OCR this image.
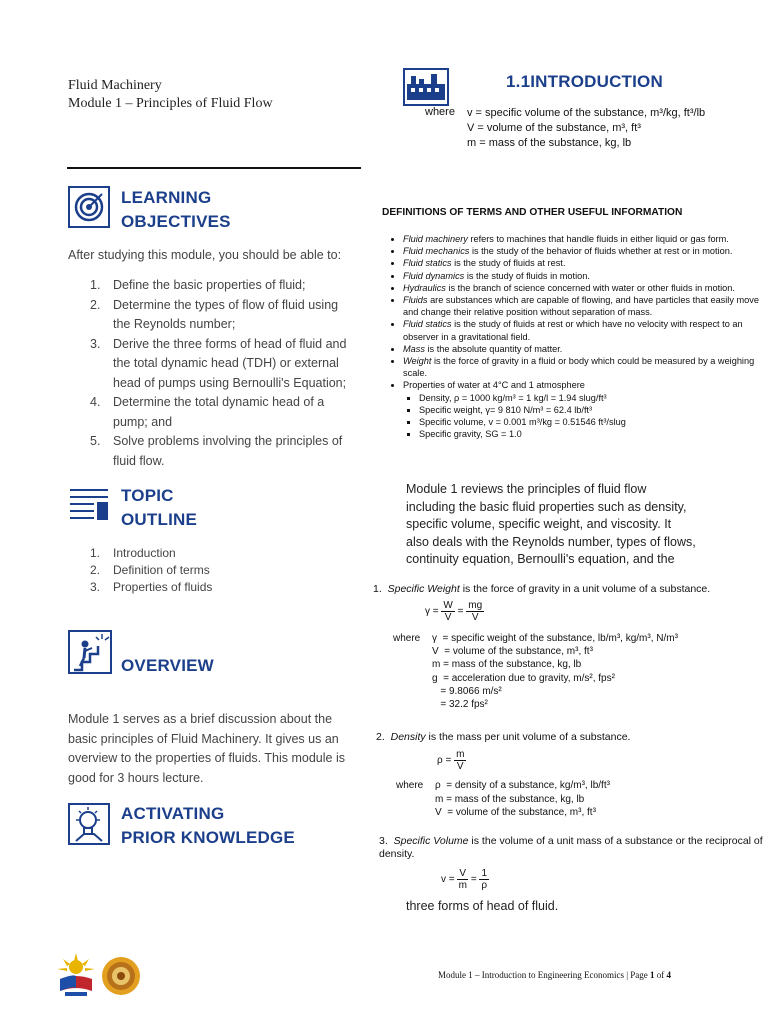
Fluid Machinery
Module 1 – Principles of Fluid Flow
LEARNING
OBJECTIVES
After studying this module, you should be able to:
1. Define the basic properties of fluid;
2. Determine the types of flow of fluid using
the Reynolds number;
3. Derive the three forms of head of fluid and
the total dynamic head (TDH) or external
head of pumps using Bernoulli's Equation;
4. Determine the total dynamic head of a
pump; and
5. Solve problems involving the principles of
fluid flow.
TOPIC
OUTLINE
1. Introduction
2. Definition of terms
3. Properties of fluids
OVERVIEW
Module 1 serves as a brief discussion about the
basic principles of Fluid Machinery. It gives us an
overview to the properties of fluids. This module is
good for 3 hours lecture.
ACTIVATING
PRIOR KNOWLEDGE
1.1INTRODUCTION
where v = specific volume of the substance, m³/kg, ft³/lb
V = volume of the substance, m³, ft³
m = mass of the substance, kg, lb
DEFINITIONS OF TERMS AND OTHER USEFUL INFORMATION
• Fluid machinery refers to machines that handle fluids in either liquid or gas form.
• Fluid mechanics is the study of the behavior of fluids whether at rest or in motion.
• Fluid statics is the study of fluids at rest.
• Fluid dynamics is the study of fluids in motion.
• Hydraulics is the branch of science concerned with water or other fluids in motion.
• Fluids are substances which are capable of flowing, and have particles that easily move and change their relative position without separation of mass.
• Fluid statics is the study of fluids at rest or which have no velocity with respect to an observer in a gravitational field.
• Mass is the absolute quantity of matter.
• Weight is the force of gravity in a fluid or body which could be measured by a weighing scale.
• Properties of water at 4°C and 1 atmosphere
▪ Density, ρ = 1000 kg/m³ = 1 kg/l = 1.94 slug/ft³
▪ Specific weight, γ= 9 810 N/m³ = 62.4 lb/ft³
▪ Specific volume, v = 0.001 m³/kg = 0.51546 ft³/slug
▪ Specific gravity, SG = 1.0
Module 1 reviews the principles of fluid flow
including the basic fluid properties such as density,
specific volume, specific weight, and viscosity. It
also deals with the Reynolds number, types of flows,
continuity equation, Bernoulli's equation, and the
1. Specific Weight is the force of gravity in a unit volume of a substance.
$\gamma = \frac{W}{V} = \frac{mg}{V}$
where γ  = specific weight of the substance, lb/m³, kg/m³, N/m³
V  = volume of the substance, m³, ft³
m = mass of the substance, kg, lb
g  = acceleration due to gravity, m/s², fps²
= 9.8066 m/s²
= 32.2 fps²
2. Density is the mass per unit volume of a substance.
$\rho = \frac{m}{V}$
where ρ  = density of a substance, kg/m³, lb/ft³
m = mass of the substance, kg, lb
V  = volume of the substance, m³, ft³
3. Specific Volume is the volume of a unit mass of a substance or the reciprocal of density.
$v = \frac{V}{m} = \frac{1}{\rho}$
three forms of head of fluid.
Module 1 – Introduction to Engineering Economics | Page 1 of 4
